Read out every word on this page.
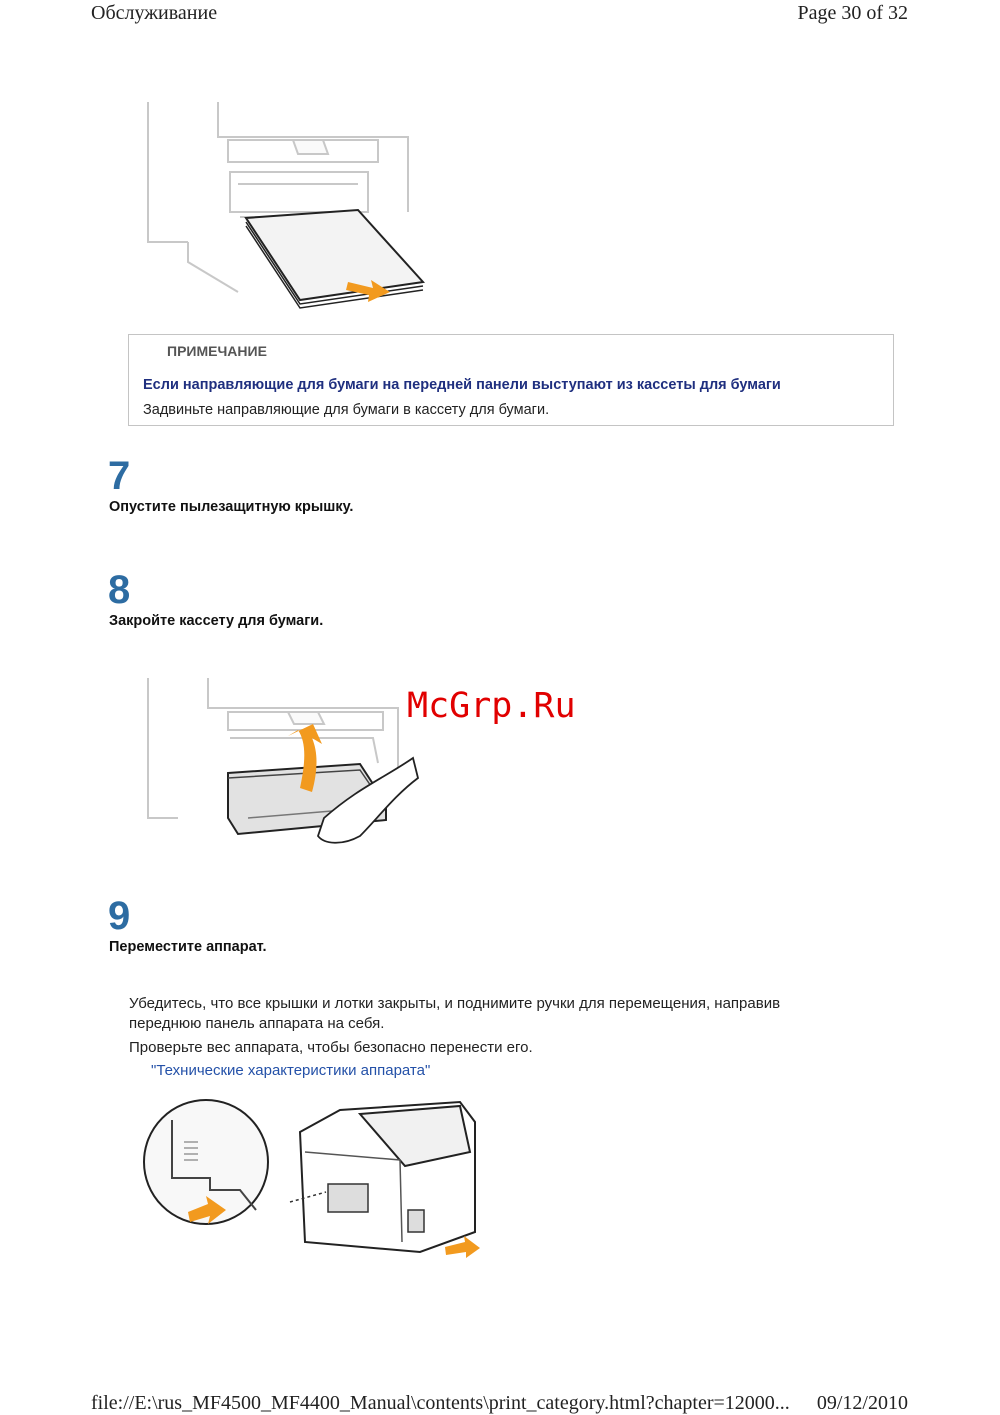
Обслуживание	Page 30 of 32
ПРИМЕЧАНИЕ
Если направляющие для бумаги на передней панели выступают из кассеты для бумаги
Задвиньте направляющие для бумаги в кассету для бумаги.
7
Опустите пылезащитную крышку.
8
Закройте кассету для бумаги.
McGrp.Ru
9
Переместите аппарат.
Убедитесь, что все крышки и лотки закрыты, и поднимите ручки для перемещения, направив
переднюю панель аппарата на себя.
Проверьте вес аппарата, чтобы безопасно перенести его.
"Технические характеристики аппарата"
file://E:\rus_MF4500_MF4400_Manual\contents\print_category.html?chapter=12000... 09/12/2010
